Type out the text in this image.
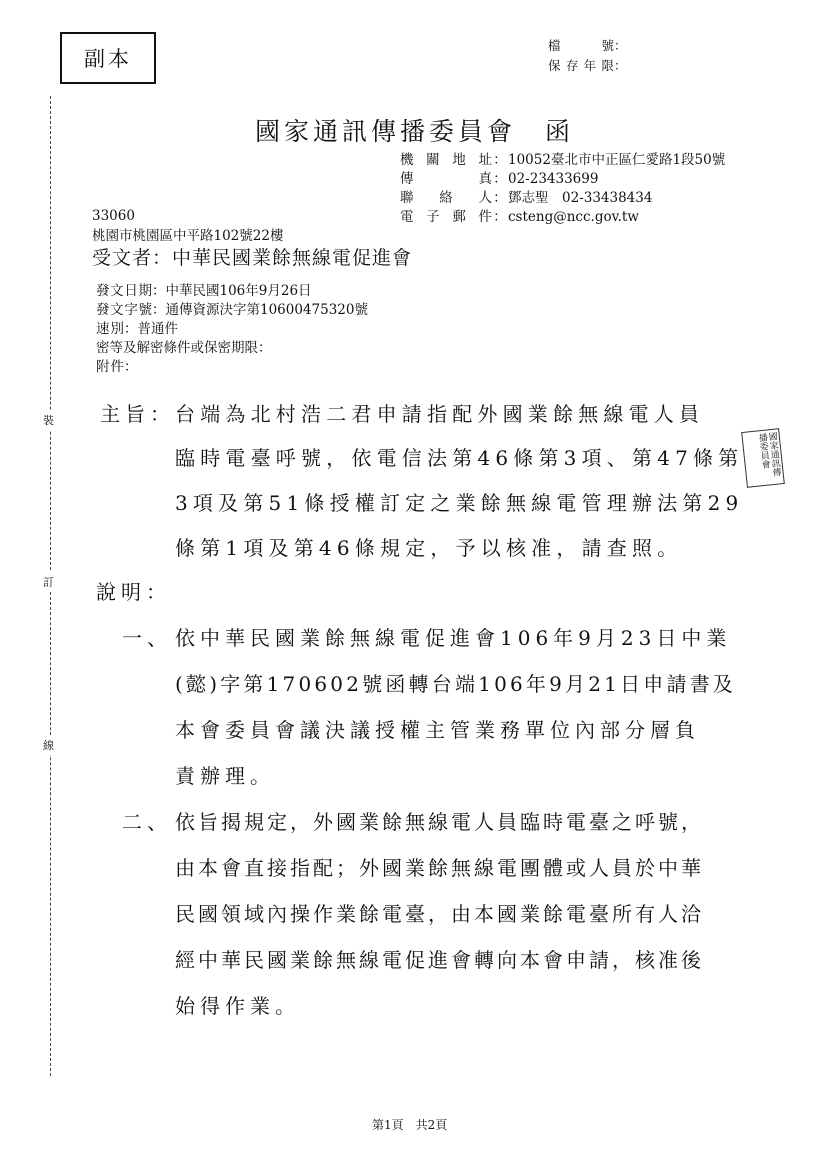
副本
檔號 ：
保存年限 ：
國家通訊傳播委員會　函
機關地址 ： 10052臺北市中正區仁愛路1段50號
傳真 ： 02-23433699
聯絡人 ： 鄧志聖　02-33438434
電子郵件 ： csteng@ncc.gov.tw
33060
桃園市桃園區中平路102號22樓
受文者：中華民國業餘無線電促進會
發文日期 ： 中華民國106年9月26日
發文字號 ： 通傳資源決字第10600475320號
速別 ： 普通件
密等及解密條件或保密期限 ：
附件 ：
主旨： 台端為北村浩二君申請指配外國業餘無線電人員
臨時電臺呼號，依電信法第46條第3項、第47條第
3項及第51條授權訂定之業餘無線電管理辦法第29
條第1項及第46條規定，予以核准，請查照。
說明：
一、 依中華民國業餘無線電促進會106年9月23日中業
(懿)字第170602號函轉台端106年9月21日申請書及
本會委員會議決議授權主管業務單位內部分層負
責辦理。
二、 依旨揭規定，外國業餘無線電人員臨時電臺之呼號，
由本會直接指配；外國業餘無線電團體或人員於中華
民國領域內操作業餘電臺，由本國業餘電臺所有人洽
經中華民國業餘無線電促進會轉向本會申請，核准後
始得作業。
裝
訂
線
國家通訊傳播委員會
第1頁　共2頁
